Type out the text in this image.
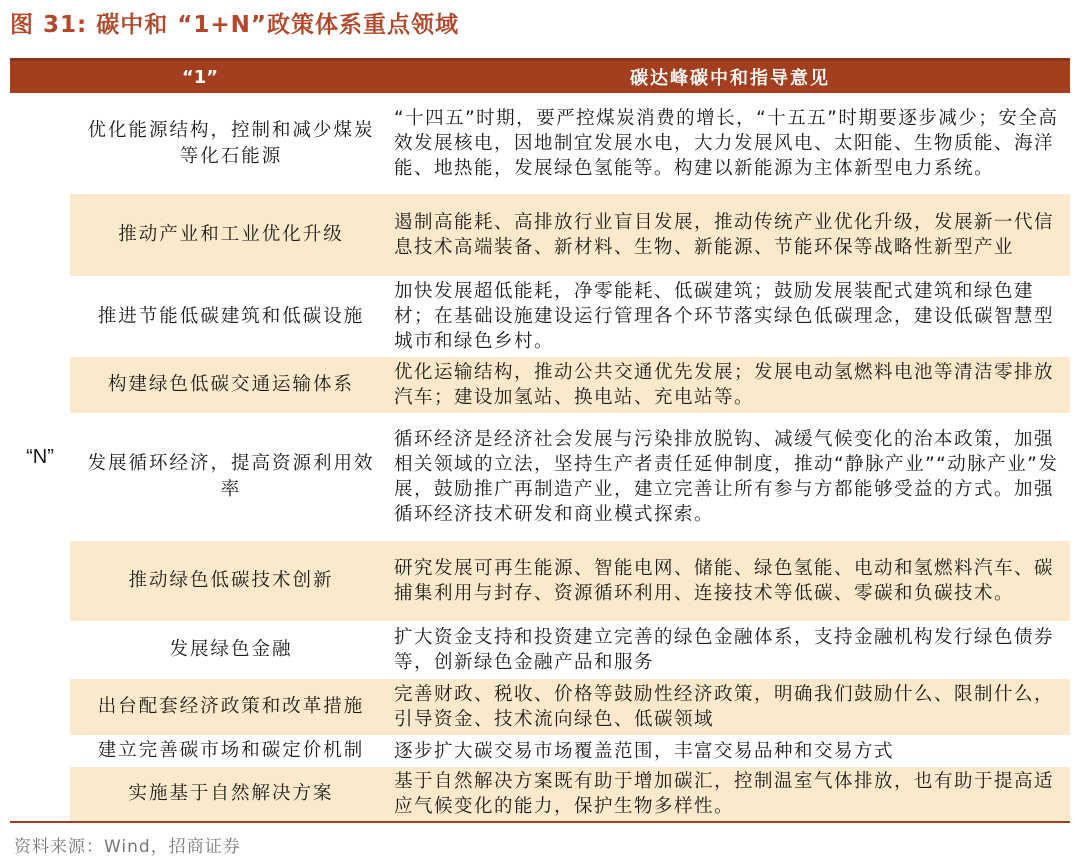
图 31: 碳中和 “1+N”政策体系重点领域
“1”	碳达峰碳中和指导意见
“N”
优化能源结构，控制和减少煤炭等化石能源
“十四五”时期，要严控煤炭消费的增长，“十五五”时期要逐步减少；安全高效发展核电，因地制宜发展水电，大力发展风电、太阳能、生物质能、海洋能、地热能，发展绿色氢能等。构建以新能源为主体新型电力系统。
推动产业和工业优化升级
遏制高能耗、高排放行业盲目发展，推动传统产业优化升级，发展新一代信息技术高端装备、新材料、生物、新能源、节能环保等战略性新型产业
推进节能低碳建筑和低碳设施
加快发展超低能耗，净零能耗、低碳建筑；鼓励发展装配式建筑和绿色建材；在基础设施建设运行管理各个环节落实绿色低碳理念，建设低碳智慧型城市和绿色乡村。
构建绿色低碳交通运输体系
优化运输结构，推动公共交通优先发展；发展电动氢燃料电池等清洁零排放汽车；建设加氢站、换电站、充电站等。
发展循环经济，提高资源利用效率
循环经济是经济社会发展与污染排放脱钩、减缓气候变化的治本政策，加强相关领域的立法，坚持生产者责任延伸制度，推动“静脉产业”“动脉产业”发展，鼓励推广再制造产业，建立完善让所有参与方都能够受益的方式。加强循环经济技术研发和商业模式探索。
推动绿色低碳技术创新
研究发展可再生能源、智能电网、储能、绿色氢能、电动和氢燃料汽车、碳捕集利用与封存、资源循环利用、连接技术等低碳、零碳和负碳技术。
发展绿色金融
扩大资金支持和投资建立完善的绿色金融体系，支持金融机构发行绿色债券等，创新绿色金融产品和服务
出台配套经济政策和改革措施
完善财政、税收、价格等鼓励性经济政策，明确我们鼓励什么、限制什么，引导资金、技术流向绿色、低碳领域
建立完善碳市场和碳定价机制	逐步扩大碳交易市场覆盖范围，丰富交易品种和交易方式
实施基于自然解决方案
基于自然解决方案既有助于增加碳汇，控制温室气体排放，也有助于提高适应气候变化的能力，保护生物多样性。
资料来源：Wind，招商证券
